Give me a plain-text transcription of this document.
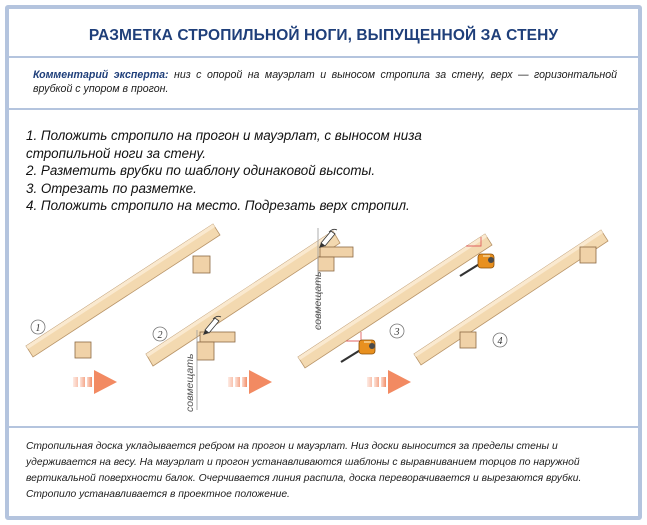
РАЗМЕТКА СТРОПИЛЬНОЙ НОГИ, ВЫПУЩЕННОЙ ЗА СТЕНУ
Комментарий эксперта: низ с опорой на мауэрлат и выносом стропила за стену, верх — горизонтальной врубкой с упором в прогон.
1. Положить стропило на прогон и мауэрлат, с выносом низа
стропильной ноги за стену.
2. Разметить врубки по шаблону одинаковой высоты.
3. Отрезать по разметке.
4. Положить стропило на место. Подрезать верх стропил.
Стропильная доска укладывается ребром на прогон и мауэрлат. Низ доски выносится за пределы стены и удерживается на весу. На мауэрлат и прогон устанавливаются шаблоны с выравниванием торцов по наружной вертикальной поверхности балок. Очерчивается линия распила, доска переворачивается и вырезаются врубки. Стропило устанавливается в проектное положение.
1
совмещать
совмещать
2	3
4
